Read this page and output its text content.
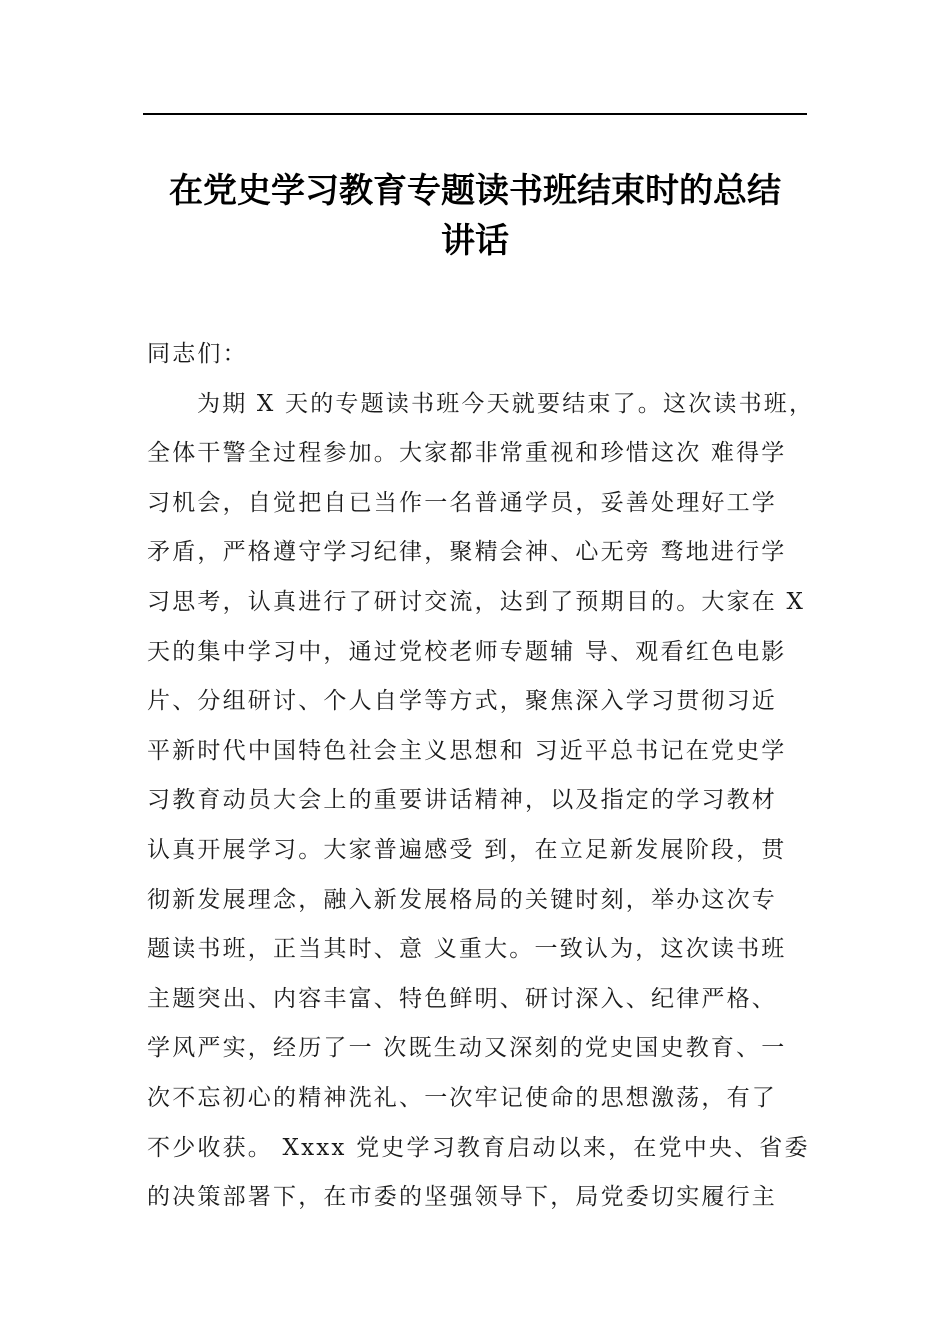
在党史学习教育专题读书班结束时的总结
讲话
同志们：
为期 X 天的专题读书班今天就要结束了。这次读书班，
全体干警全过程参加。大家都非常重视和珍惜这次 难得学
习机会，自觉把自已当作一名普通学员，妥善处理好工学
矛盾，严格遵守学习纪律，聚精会神、心无旁 骛地进行学
习思考，认真进行了研讨交流，达到了预期目的。大家在 X
天的集中学习中，通过党校老师专题辅 导、观看红色电影
片、分组研讨、个人自学等方式，聚焦深入学习贯彻习近
平新时代中国特色社会主义思想和 习近平总书记在党史学
习教育动员大会上的重要讲话精神，以及指定的学习教材
认真开展学习。大家普遍感受 到，在立足新发展阶段，贯
彻新发展理念，融入新发展格局的关键时刻，举办这次专
题读书班，正当其时、意 义重大。一致认为，这次读书班
主题突出、内容丰富、特色鲜明、研讨深入、纪律严格、
学风严实，经历了一 次既生动又深刻的党史国史教育、一
次不忘初心的精神洗礼、一次牢记使命的思想激荡，有了
不少收获。 Xxxx 党史学习教育启动以来，在党中央、省委
的决策部署下，在市委的坚强领导下，局党委切实履行主
